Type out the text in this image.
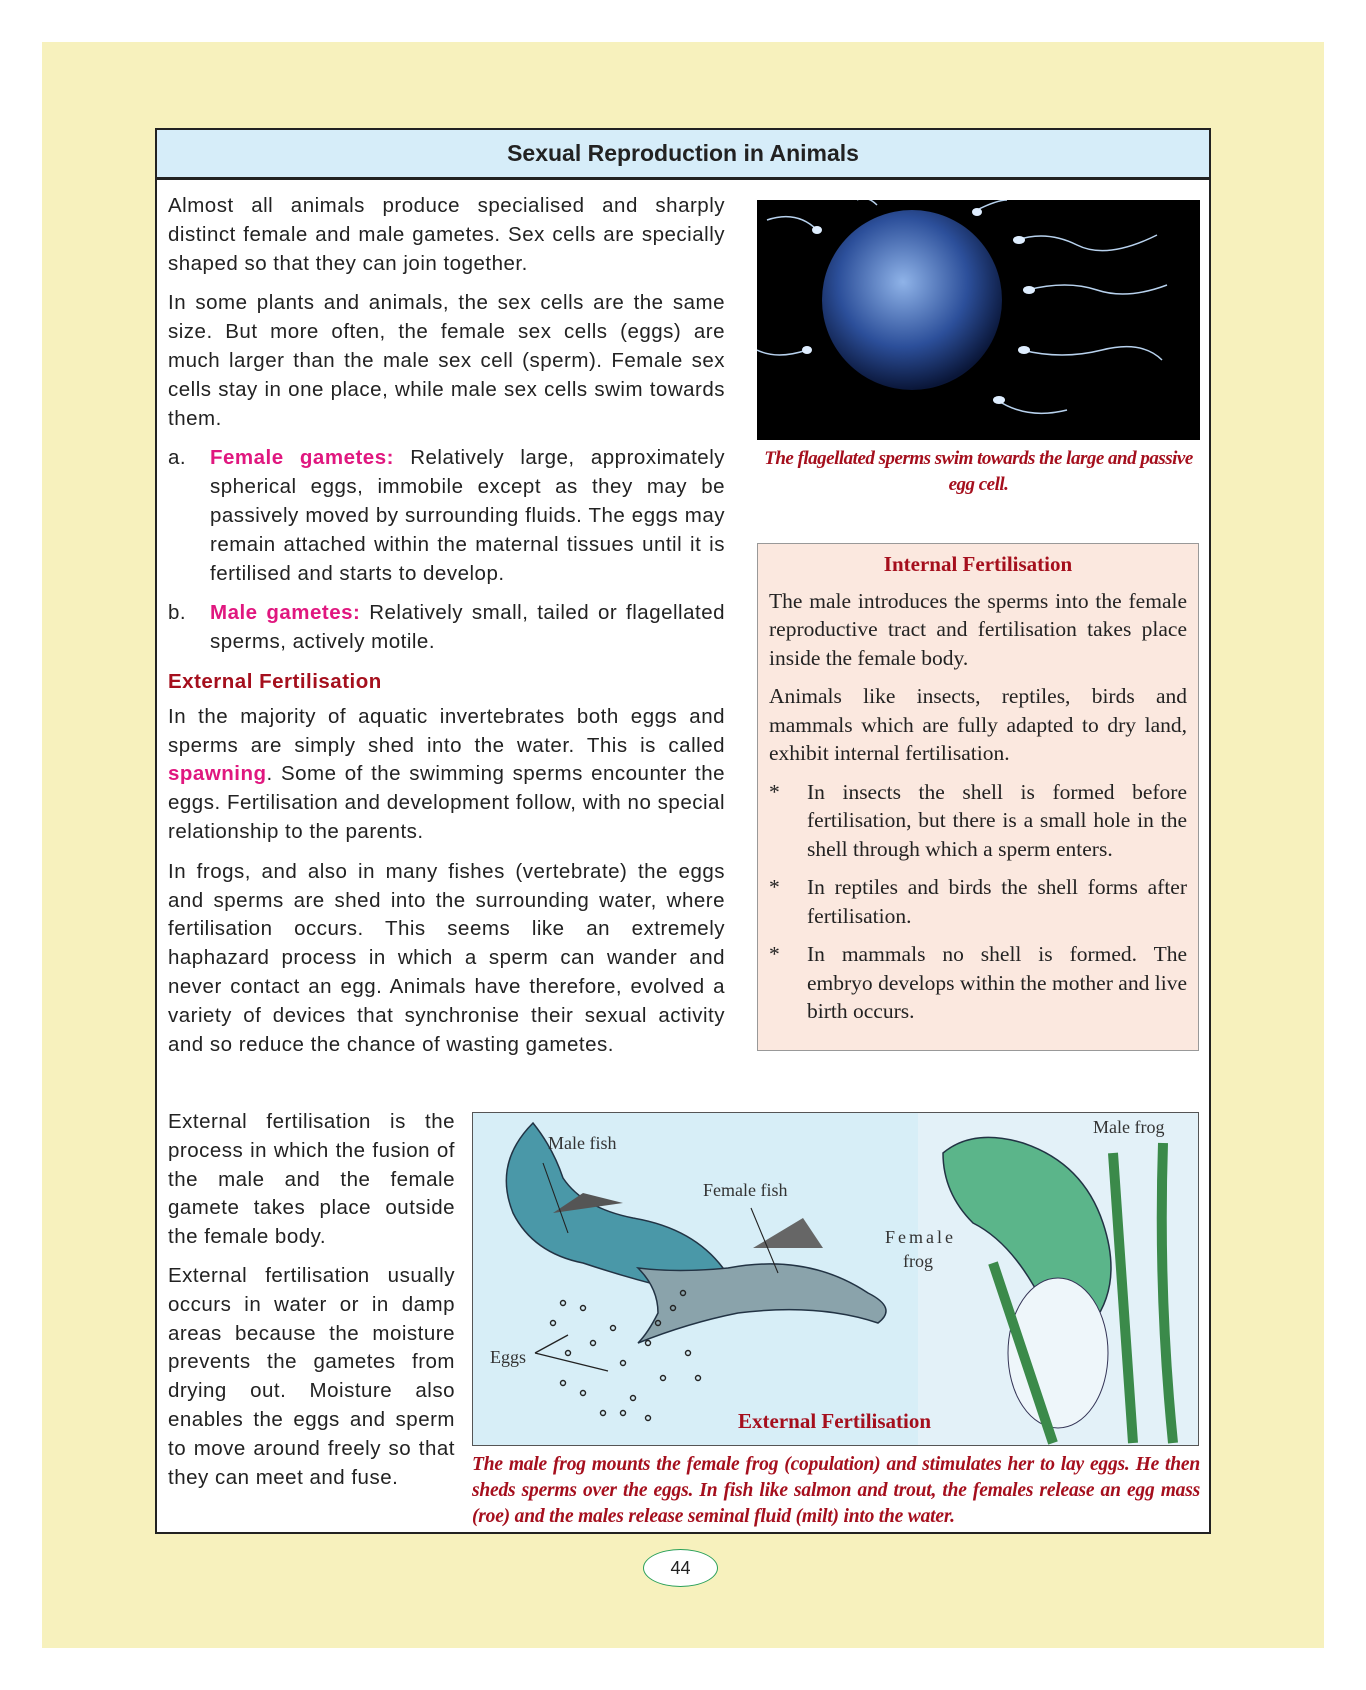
Sexual Reproduction in Animals

Almost all animals produce specialised and sharply distinct female and male gametes. Sex cells are specially shaped so that they can join together.

In some plants and animals, the sex cells are the same size. But more often, the female sex cells (eggs) are much larger than the male sex cell (sperm). Female sex cells stay in one place, while male sex cells swim towards them.

a.	Female gametes: Relatively large, approximately spherical eggs, immobile except as they may be passively moved by surrounding fluids. The eggs may remain attached within the maternal tissues until it is fertilised and starts to develop.
b.	Male gametes: Relatively small, tailed or flagellated sperms, actively motile.

External Fertilisation

In the majority of aquatic invertebrates both eggs and sperms are simply shed into the water. This is called spawning. Some of the swimming sperms encounter the eggs. Fertilisation and development follow, with no special relationship to the parents.

In frogs, and also in many fishes (vertebrate) the eggs and sperms are shed into the surrounding water, where fertilisation occurs. This seems like an extremely haphazard process in which a sperm can wander and never contact an egg. Animals have therefore, evolved a variety of devices that synchronise their sexual activity and so reduce the chance of wasting gametes.

The flagellated sperms swim towards the large and passive egg cell.
Internal Fertilisation

The male introduces the sperms into the female reproductive tract and fertilisation takes place inside the female body.

Animals like insects, reptiles, birds and mammals which are fully adapted to dry land, exhibit internal fertilisation.

*	In insects the shell is formed before fertilisation, but there is a small hole in the shell through which a sperm enters.
*	In reptiles and birds the shell forms after fertilisation.
*	In mammals no shell is formed. The embryo develops within the mother and live birth occurs.

External fertilisation is the process in which the fusion of the male and the female gamete takes place outside the female body.

External fertilisation usually occurs in water or in damp areas because the moisture prevents the gametes from drying out. Moisture also enables the eggs and sperm to move around freely so that they can meet and fuse.

Male fish
Female fish
Eggs
Female
frog
Male frog
External Fertilisation
The male frog mounts the female frog (copulation) and stimulates her to lay eggs. He then sheds sperms over the eggs. In fish like salmon and trout, the females release an egg mass (roe) and the males release seminal fluid (milt) into the water.
44
